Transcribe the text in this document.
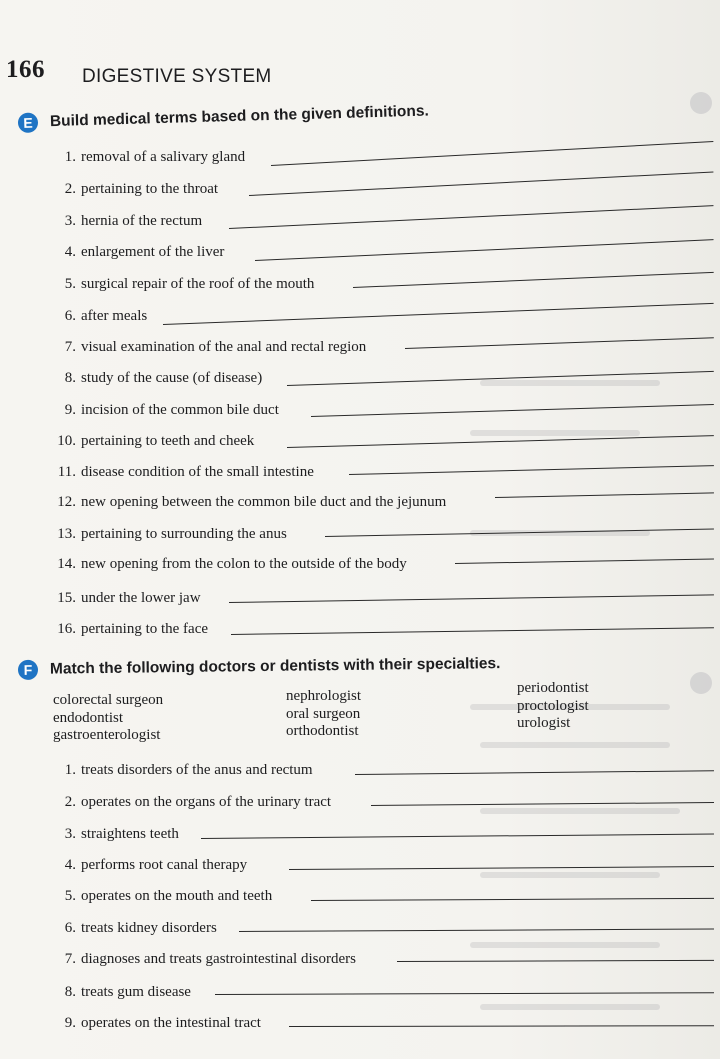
166 DIGESTIVE SYSTEM
E	Build medical terms based on the given definitions.
1. removal of a salivary gland
2. pertaining to the throat
3. hernia of the rectum
4. enlargement of the liver
5. surgical repair of the roof of the mouth
6. after meals
7. visual examination of the anal and rectal region
8. study of the cause (of disease)
9. incision of the common bile duct
10. pertaining to teeth and cheek
11. disease condition of the small intestine
12. new opening between the common bile duct and the jejunum
13. pertaining to surrounding the anus
14. new opening from the colon to the outside of the body
15. under the lower jaw
16. pertaining to the face
F	Match the following doctors or dentists with their specialties.
colorectal surgeon
endodontist
gastroenterologist
nephrologist
oral surgeon
orthodontist
periodontist
proctologist
urologist
1. treats disorders of the anus and rectum
2. operates on the organs of the urinary tract
3. straightens teeth
4. performs root canal therapy
5. operates on the mouth and teeth
6. treats kidney disorders
7. diagnoses and treats gastrointestinal disorders
8. treats gum disease
9. operates on the intestinal tract
